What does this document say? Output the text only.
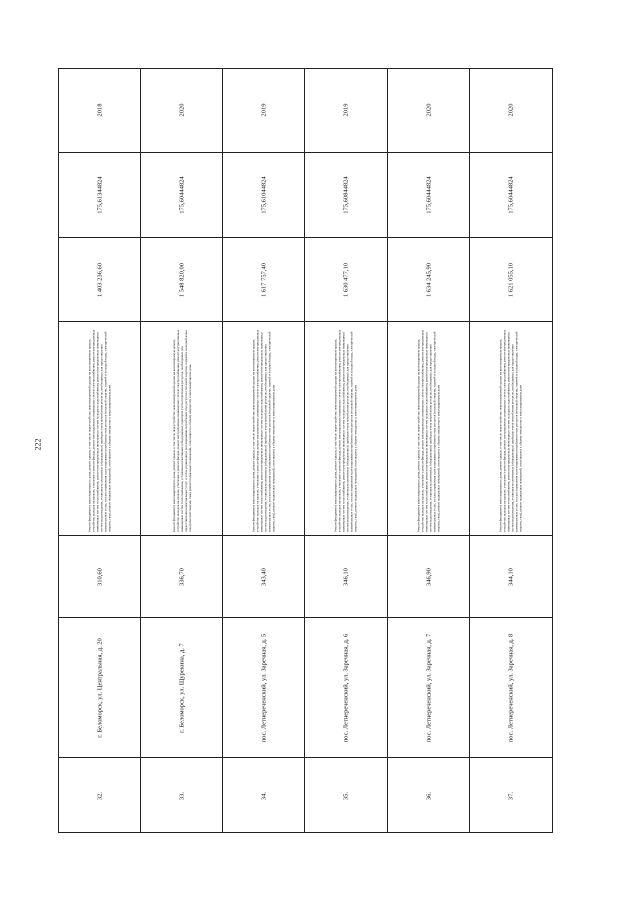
222
2018
175,61344824
1 403 236,60
Ремонт фундамента многоквартирного дома, ремонт крыши, в том числе переустройство невентилируемой крыши на вентилируемую крышу, устройство выходов на кровлю, утепление и ремонт фасада, ремонт внутридомовых инженерных систем электроснабжения, ремонт внутридомовых инженерных систем теплоснабжения, ремонт внутридомовых инженерных систем холодного водоснабжения, ремонт внутридомовых инженерных систем водоотведения, установка коллективных (общедомовых) приборов учета потребления ресурсов, необходимых для предоставления коммунальных услуг, и узлов управления и регулирования потребления этих ресурсов (тепловой энергии, горячей и холодной воды, электрической энергии, газа), ремонт подвальных помещений, относящихся к общему имуществу в многоквартирном доме
310,60
г. Беломорск, ул. Центральная, д. 20
32.
2020
175,60444824
1 548 820,00
Ремонт фундамента многоквартирного дома, ремонт крыши, в том числе переустройство невентилируемой крыши на вентилируемую крышу, устройство выходов на кровлю, утепление и ремонт фасада, ремонт внутридомовых инженерных систем электроснабжения, ремонт внутридомовых инженерных систем теплоснабжения, установка коллективных (общедомовых) приборов учета потребления ресурсов, необходимых для предоставления коммунальных услуг, и узлов управления и регулирования потребления этих ресурсов (тепловой энергии, горячей и холодной воды, электрической энергии, газа), ремонт подвальных помещений, относящихся к общему имуществу в многоквартирном доме
336,70
г. Беломорск, ул. Щурекина, д. 7
33.
2019
175,61044824
1 617 757,40
Ремонт фундамента многоквартирного дома, ремонт крыши, в том числе переустройство невентилируемой крыши на вентилируемую крышу, устройство выходов на кровлю, утепление и ремонт фасада, ремонт внутридомовых инженерных систем электроснабжения, ремонт внутридомовых инженерных систем теплоснабжения, ремонт внутридомовых инженерных систем холодного водоснабжения, ремонт внутридомовых инженерных систем водоотведения, установка коллективных (общедомовых) приборов учета потребления ресурсов, необходимых для предоставления коммунальных услуг, и узлов управления и регулирования потребления этих ресурсов (тепловой энергии, горячей и холодной воды, электрической энергии, газа), ремонт подвальных помещений, относящихся к общему имуществу в многоквартирном доме
343,40
пос. Летнереченский, ул. Заречная, д. 5
34.
2019
175,60844824
1 630 477,10
Ремонт фундамента многоквартирного дома, ремонт крыши, в том числе переустройство невентилируемой крыши на вентилируемую крышу, устройство выходов на кровлю, утепление и ремонт фасада, ремонт внутридомовых инженерных систем электроснабжения, ремонт внутридомовых инженерных систем теплоснабжения, ремонт внутридомовых инженерных систем холодного водоснабжения, ремонт внутридомовых инженерных систем водоотведения, установка коллективных (общедомовых) приборов учета потребления ресурсов, необходимых для предоставления коммунальных услуг, и узлов управления и регулирования потребления этих ресурсов (тепловой энергии, горячей и холодной воды, электрической энергии, газа), ремонт подвальных помещений, относящихся к общему имуществу в многоквартирном доме
346,10
пос. Летнереченский, ул. Заречная, д. 6
35.
2020
175,60444824
1 634 245,90
Ремонт фундамента многоквартирного дома, ремонт крыши, в том числе переустройство невентилируемой крыши на вентилируемую крышу, устройство выходов на кровлю, утепление и ремонт фасада, ремонт внутридомовых инженерных систем электроснабжения, ремонт внутридомовых инженерных систем теплоснабжения, ремонт внутридомовых инженерных систем холодного водоснабжения, ремонт внутридомовых инженерных систем водоотведения, установка коллективных (общедомовых) приборов учета потребления ресурсов, необходимых для предоставления коммунальных услуг, и узлов управления и регулирования потребления этих ресурсов (тепловой энергии, горячей и холодной воды, электрической энергии, газа), ремонт подвальных помещений, относящихся к общему имуществу в многоквартирном доме
346,90
пос. Летнереченский, ул. Заречная, д. 7
36.
2020
175,60444824
1 621 055,10
Ремонт фундамента многоквартирного дома, ремонт крыши, в том числе переустройство невентилируемой крыши на вентилируемую крышу, устройство выходов на кровлю, утепление и ремонт фасада, ремонт внутридомовых инженерных систем электроснабжения, ремонт внутридомовых инженерных систем теплоснабжения, ремонт внутридомовых инженерных систем холодного водоснабжения, ремонт внутридомовых инженерных систем водоотведения, установка коллективных (общедомовых) приборов учета потребления ресурсов, необходимых для предоставления коммунальных услуг, и узлов управления и регулирования потребления этих ресурсов (тепловой энергии, горячей и холодной воды, электрической энергии, газа), ремонт подвальных помещений, относящихся к общему имуществу в многоквартирном доме
344,10
пос. Летнереченский, ул. Заречная, д. 8
37.
